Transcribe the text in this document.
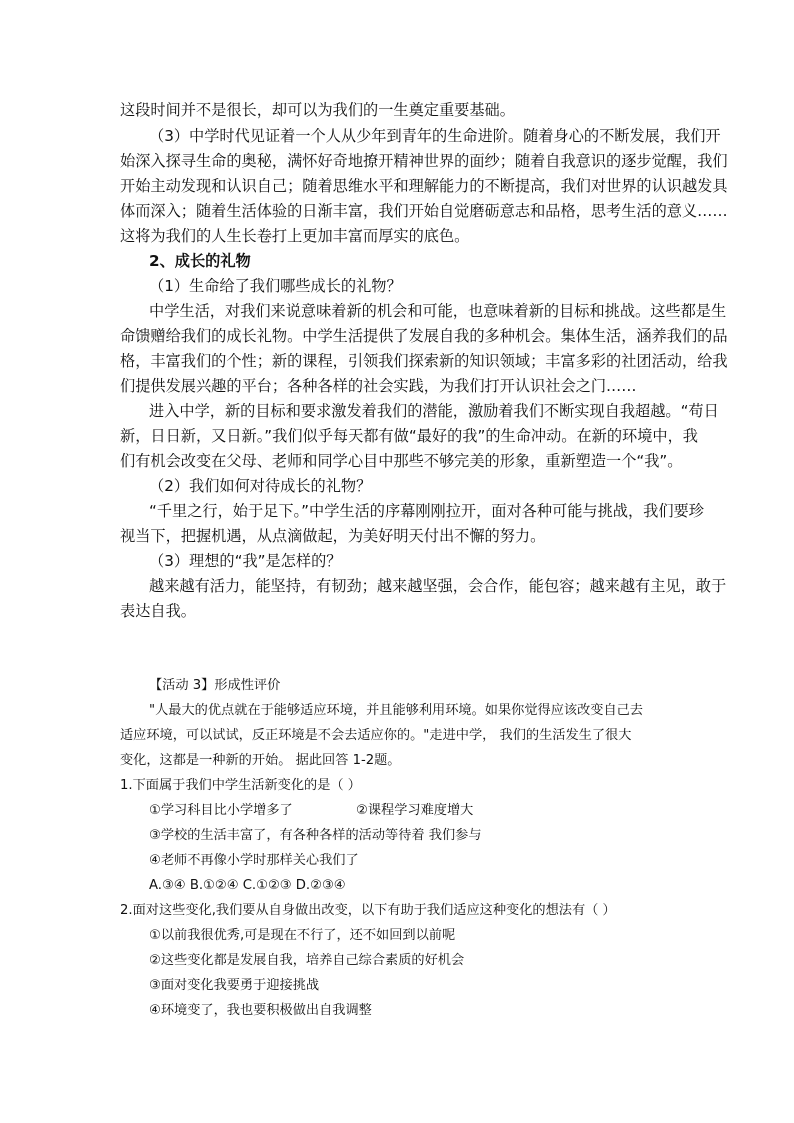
这段时间并不是很长，却可以为我们的一生奠定重要基础。
（3）中学时代见证着一个人从少年到青年的生命进阶。随着身心的不断发展，我们开
始深入探寻生命的奥秘，满怀好奇地撩开精神世界的面纱；随着自我意识的逐步觉醒，我们
开始主动发现和认识自己；随着思维水平和理解能力的不断提高，我们对世界的认识越发具
体而深入；随着生活体验的日渐丰富，我们开始自觉磨砺意志和品格，思考生活的意义……
这将为我们的人生长卷打上更加丰富而厚实的底色。
2、成长的礼物
（1）生命给了我们哪些成长的礼物？
中学生活，对我们来说意味着新的机会和可能，也意味着新的目标和挑战。这些都是生
命馈赠给我们的成长礼物。中学生活提供了发展自我的多种机会。集体生活，涵养我们的品
格，丰富我们的个性；新的课程，引领我们探索新的知识领域；丰富多彩的社团活动，给我
们提供发展兴趣的平台；各种各样的社会实践，为我们打开认识社会之门……
进入中学，新的目标和要求激发着我们的潜能，激励着我们不断实现自我超越。“苟日
新，日日新，又日新。”我们似乎每天都有做“最好的我”的生命冲动。在新的环境中，我
们有机会改变在父母、老师和同学心目中那些不够完美的形象，重新塑造一个“我”。
（2）我们如何对待成长的礼物？
“千里之行，始于足下。”中学生活的序幕刚刚拉开，面对各种可能与挑战，我们要珍
视当下，把握机遇，从点滴做起，为美好明天付出不懈的努力。
（3）理想的“我”是怎样的？
越来越有活力，能坚持，有韧劲；越来越坚强，会合作，能包容；越来越有主见，敢于
表达自我。
【活动 3】形成性评价
"人最大的优点就在于能够适应环境，并且能够利用环境。如果你觉得应该改变自己去
适应环境，可以试试，反正环境是不会去适应你的。"走进中学， 我们的生活发生了很大
变化，这都是一种新的开始。 据此回答 1-2题。
1.下面属于我们中学生活新变化的是（ ）
①学习科目比小学增多了	②课程学习难度增大
③学校的生活丰富了，有各种各样的活动等待着 我们参与
④老师不再像小学时那样关心我们了
A.③④ B.①②④ C.①②③ D.②③④
2.面对这些变化,我们要从自身做出改变，以下有助于我们适应这种变化的想法有（ ）
①以前我很优秀,可是现在不行了，还不如回到以前呢
②这些变化都是发展自我，培养自己综合素质的好机会
③面对变化我要勇于迎接挑战
④环境变了，我也要积极做出自我调整
